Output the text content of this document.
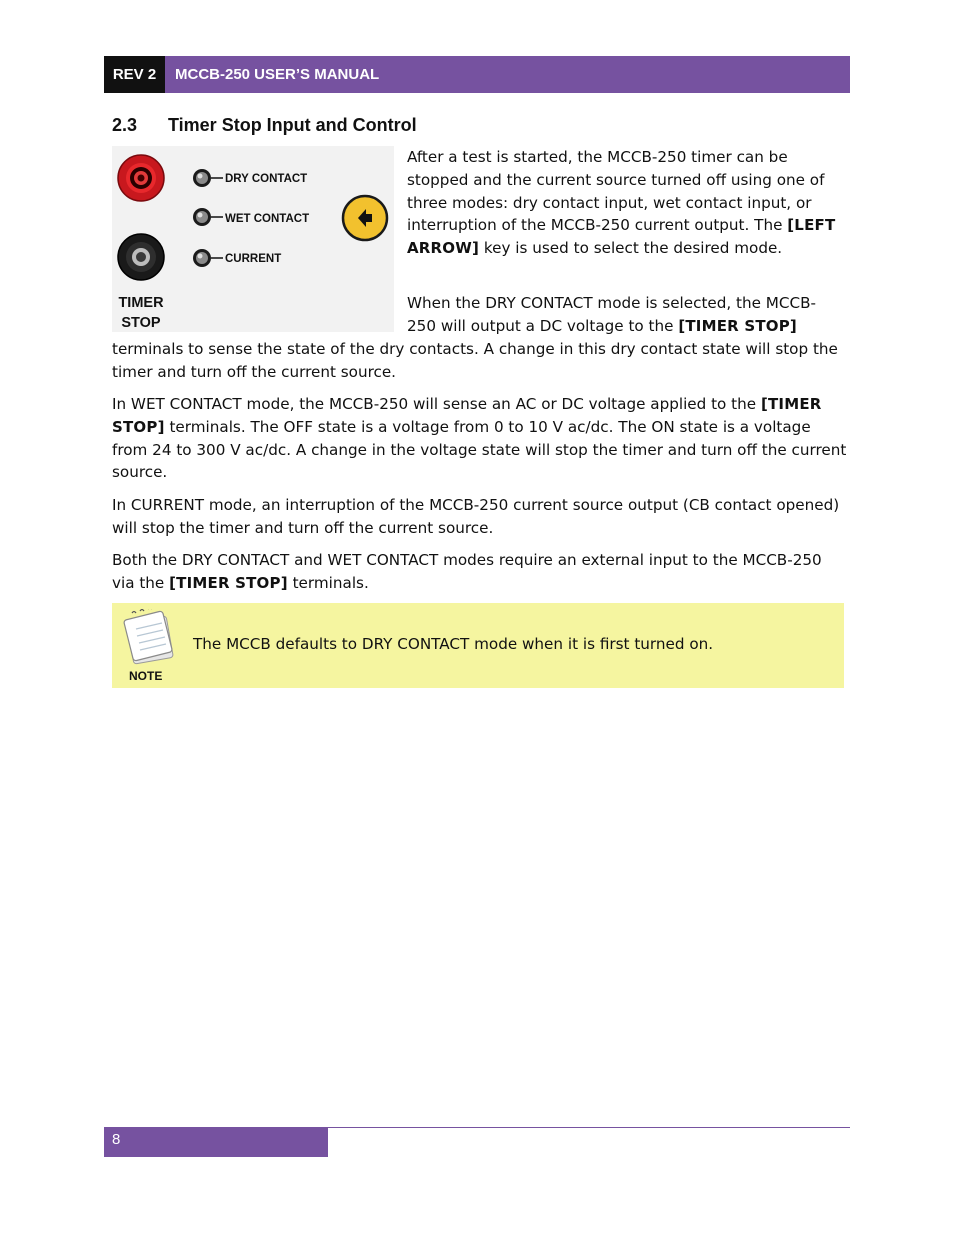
REV 2	MCCB-250 USER’S MANUAL
2.3 Timer Stop Input and Control
DRY CONTACT
WET CONTACT
CURRENT
TIMER
STOP

After a test is started, the MCCB-250 timer can be stopped and the current source turned off using one of three modes: dry contact input, wet contact input, or interruption of the MCCB-250 current output. The [LEFT ARROW] key is used to select the desired mode.

When the DRY CONTACT mode is selected, the MCCB-250 will output a DC voltage to the [TIMER STOP]

terminals to sense the state of the dry contacts. A change in this dry contact state will stop the timer and turn off the current source.

In WET CONTACT mode, the MCCB-250 will sense an AC or DC voltage applied to the [TIMER STOP] terminals. The OFF state is a voltage from 0 to 10 V ac/dc. The ON state is a voltage from 24 to 300 V ac/dc. A change in the voltage state will stop the timer and turn off the current source.

In CURRENT mode, an interruption of the MCCB-250 current source output (CB contact opened) will stop the timer and turn off the current source.

Both the DRY CONTACT and WET CONTACT modes require an external input to the MCCB-250 via the [TIMER STOP] terminals.

NOTE
The MCCB defaults to DRY CONTACT mode when it is first turned on.
8
